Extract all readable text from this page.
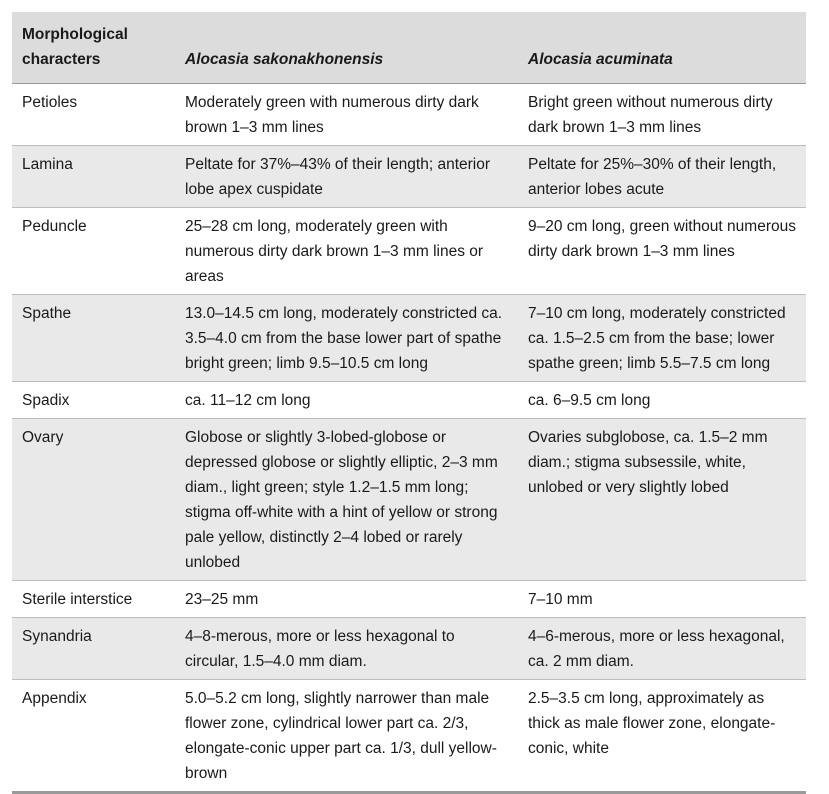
Morphological characters	Alocasia sakonakhonensis	Alocasia acuminata
Petioles	Moderately green with numerous dirty dark brown 1–3 mm lines	Bright green without numerous dirty dark brown 1–3 mm lines
Lamina	Peltate for 37%–43% of their length; anterior lobe apex cuspidate	Peltate for 25%–30% of their length, anterior lobes acute
Peduncle	25–28 cm long, moderately green with numerous dirty dark brown 1–3 mm lines or areas	9–20 cm long, green without numerous dirty dark brown 1–3 mm lines
Spathe	13.0–14.5 cm long, moderately constricted ca. 3.5–4.0 cm from the base lower part of spathe bright green; limb 9.5–10.5 cm long	7–10 cm long, moderately constricted ca. 1.5–2.5 cm from the base; lower spathe green; limb 5.5–7.5 cm long
Spadix	ca. 11–12 cm long	ca. 6–9.5 cm long
Ovary	Globose or slightly 3-lobed-globose or depressed globose or slightly elliptic, 2–3 mm diam., light green; style 1.2–1.5 mm long; stigma off-white with a hint of yellow or strong pale yellow, distinctly 2–4 lobed or rarely unlobed	Ovaries subglobose, ca. 1.5–2 mm diam.; stigma subsessile, white, unlobed or very slightly lobed
Sterile interstice	23–25 mm	7–10 mm
Synandria	4–8-merous, more or less hexagonal to circular, 1.5–4.0 mm diam.	4–6-merous, more or less hexagonal, ca. 2 mm diam.
Appendix	5.0–5.2 cm long, slightly narrower than male flower zone, cylindrical lower part ca. 2/3, elongate-conic upper part ca. 1/3, dull yellow-brown	2.5–3.5 cm long, approximately as thick as male flower zone, elongate-conic, white
